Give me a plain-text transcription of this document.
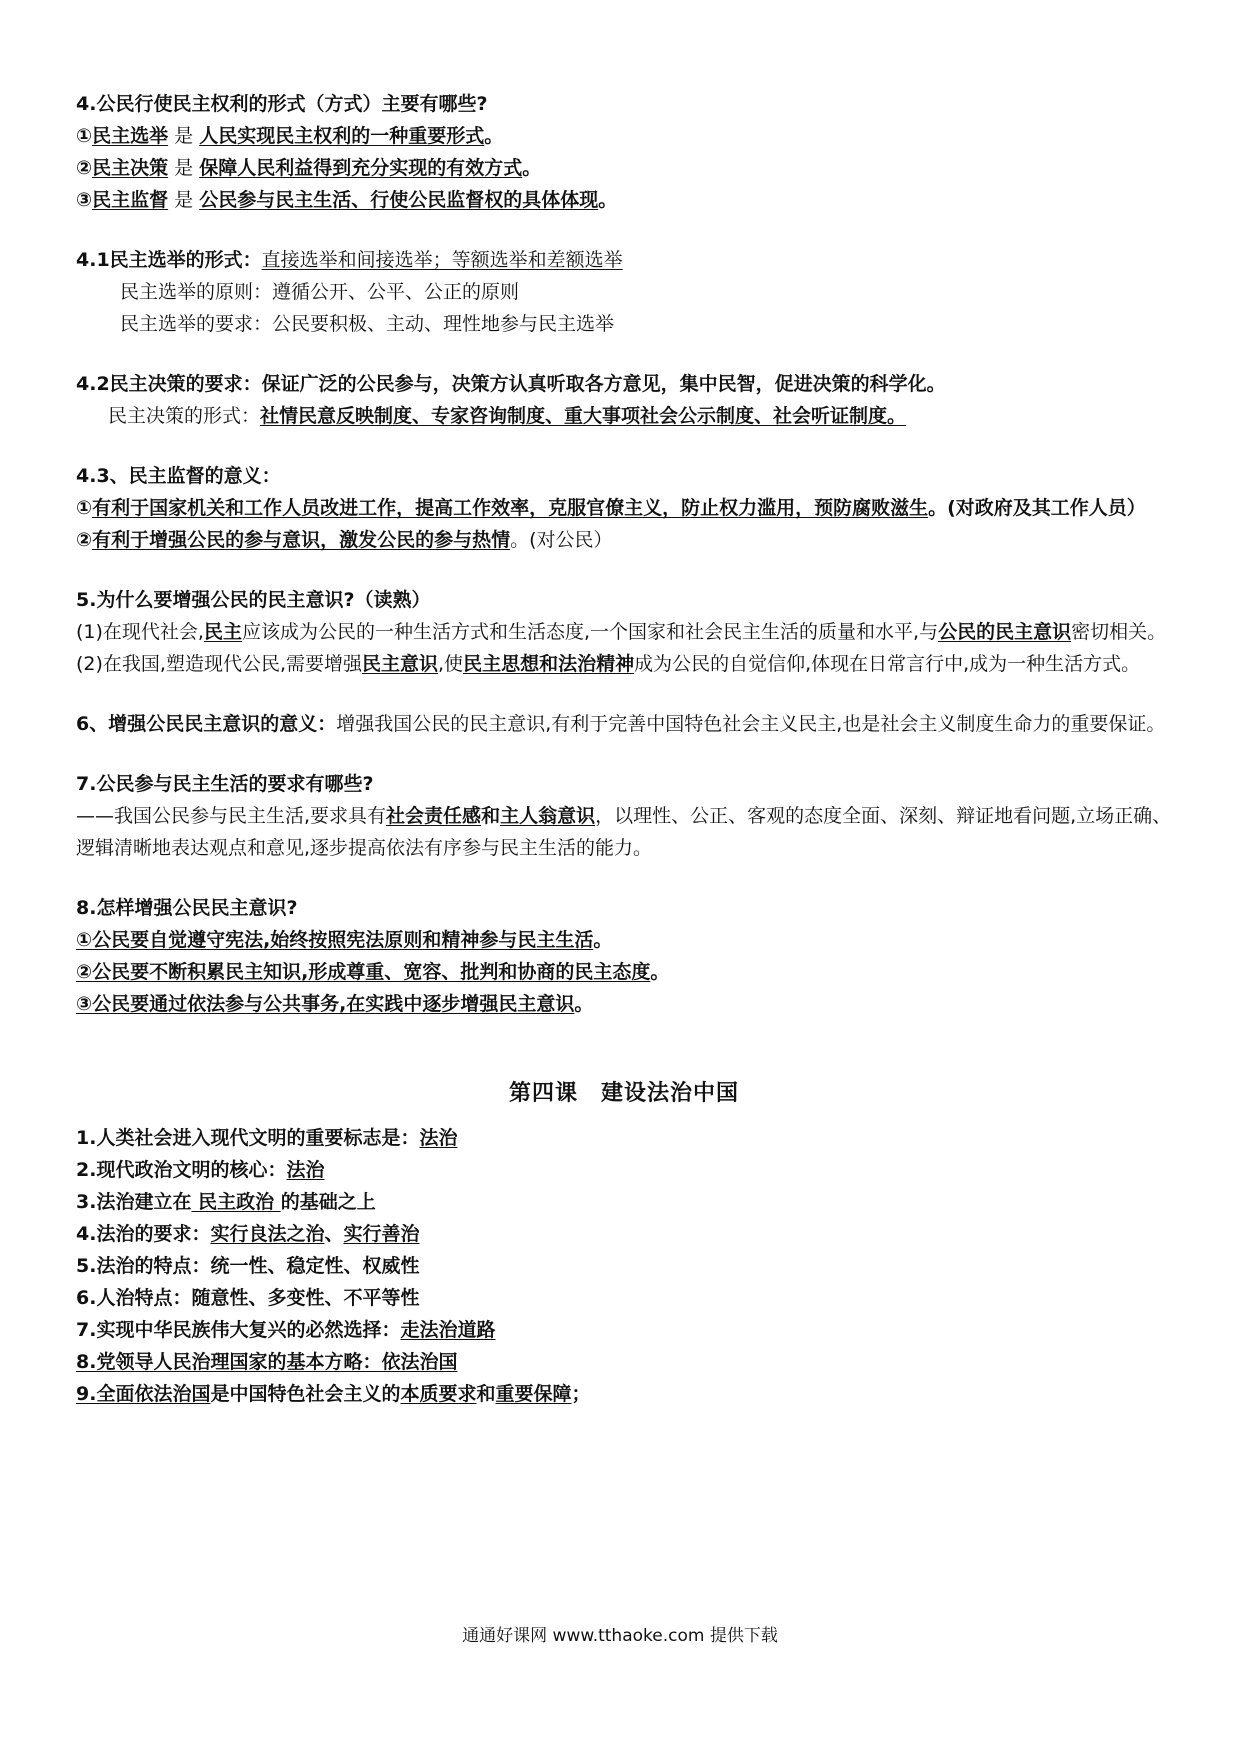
4.公民行使民主权利的形式（方式）主要有哪些?
①民主选举 是 人民实现民主权利的一种重要形式。
②民主决策 是 保障人民利益得到充分实现的有效方式。
③民主监督 是 公民参与民主生活、行使公民监督权的具体体现。
4.1民主选举的形式：直接选举和间接选举；等额选举和差额选举
民主选举的原则：遵循公开、公平、公正的原则
民主选举的要求：公民要积极、主动、理性地参与民主选举
4.2民主决策的要求：保证广泛的公民参与，决策方认真听取各方意见，集中民智，促进决策的科学化。
民主决策的形式：社情民意反映制度、专家咨询制度、重大事项社会公示制度、社会听证制度。
4.3、民主监督的意义：
①有利于国家机关和工作人员改进工作，提高工作效率，克服官僚主义，防止权力滥用，预防腐败滋生。(对政府及其工作人员）
②有利于增强公民的参与意识，激发公民的参与热情。(对公民）
5.为什么要增强公民的民主意识?（读熟）
(1)在现代社会,民主应该成为公民的一种生活方式和生活态度,一个国家和社会民主生活的质量和水平,与公民的民主意识密切相关。
(2)在我国,塑造现代公民,需要增强民主意识,使民主思想和法治精神成为公民的自觉信仰,体现在日常言行中,成为一种生活方式。
6、增强公民民主意识的意义：增强我国公民的民主意识,有利于完善中国特色社会主义民主,也是社会主义制度生命力的重要保证。
7.公民参与民主生活的要求有哪些?
——我国公民参与民主生活,要求具有社会责任感和主人翁意识，以理性、公正、客观的态度全面、深刻、辩证地看问题,立场正确、逻辑清晰地表达观点和意见,逐步提高依法有序参与民主生活的能力。
8.怎样增强公民民主意识?
①公民要自觉遵守宪法,始终按照宪法原则和精神参与民主生活。
②公民要不断积累民主知识,形成尊重、宽容、批判和协商的民主态度。
③公民要通过依法参与公共事务,在实践中逐步增强民主意识。
第四课　建设法治中国
1.人类社会进入现代文明的重要标志是：法治
2.现代政治文明的核心：法治
3.法治建立在 民主政治 的基础之上
4.法治的要求：实行良法之治、实行善治
5.法治的特点：统一性、稳定性、权威性
6.人治特点：随意性、多变性、不平等性
7.实现中华民族伟大复兴的必然选择：走法治道路
8.党领导人民治理国家的基本方略：依法治国
9.全面依法治国是中国特色社会主义的本质要求和重要保障；
通通好课网 www.tthaoke.com 提供下载
